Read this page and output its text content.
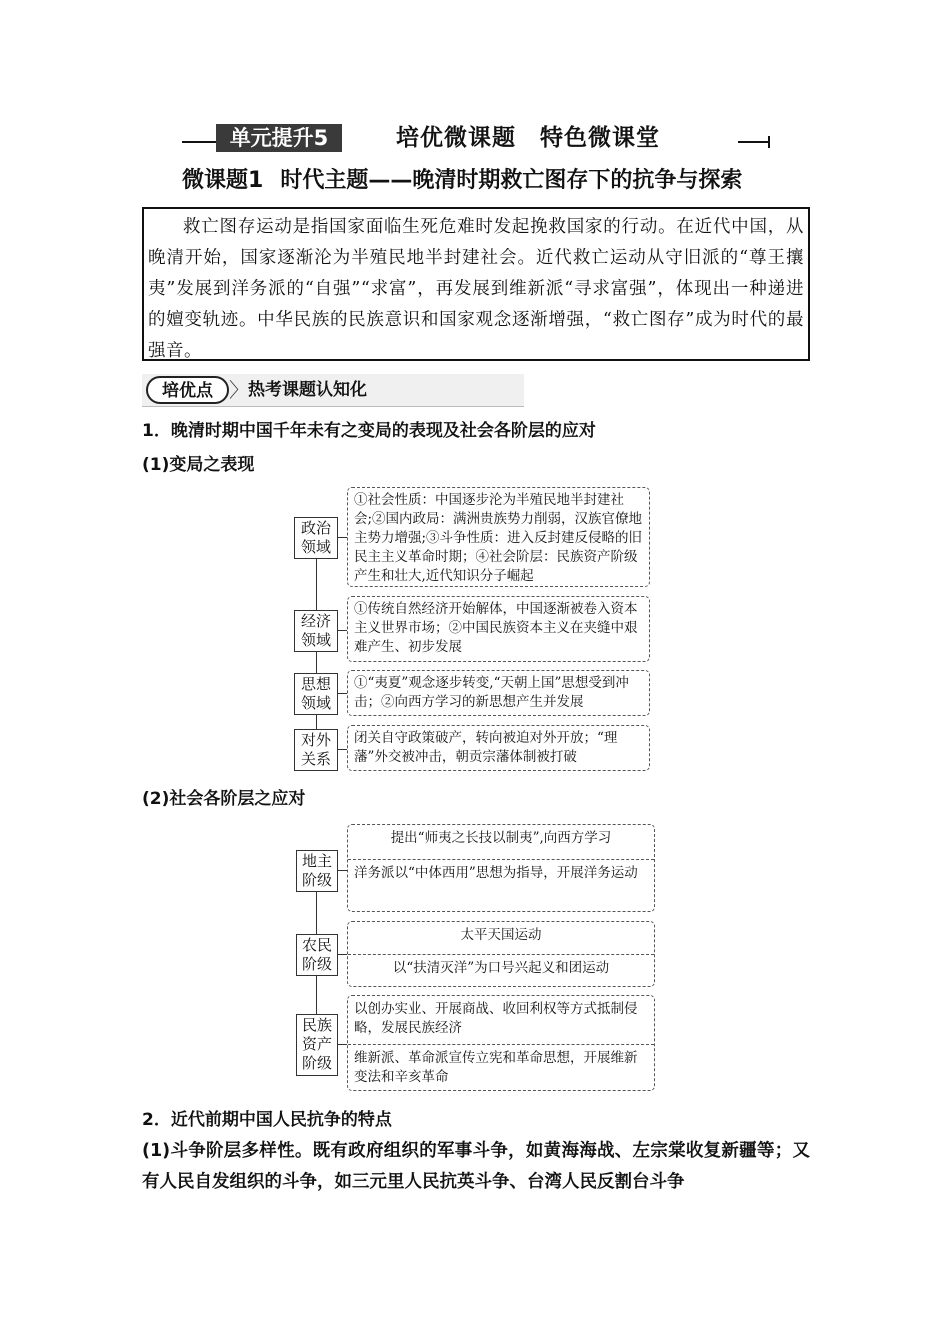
单元提升5	培优微课题 特色微课堂
微课题1 时代主题——晚清时期救亡图存下的抗争与探索

救亡图存运动是指国家面临生死危难时发起挽救国家的行动。在近代中国，从晚清开始，国家逐渐沦为半殖民地半封建社会。近代救亡运动从守旧派的“尊王攘夷”发展到洋务派的“自强”“求富”，再发展到维新派“寻求富强”，体现出一种递进的嬗变轨迹。中华民族的民族意识和国家观念逐渐增强，“救亡图存”成为时代的最强音。

培优点 〉 热考课题认知化
1．晚清时期中国千年未有之变局的表现及社会各阶层的应对
(1)变局之表现
政治领域
①社会性质：中国逐步沦为半殖民地半封建社会;②国内政局：满洲贵族势力削弱，汉族官僚地主势力增强;③斗争性质：进入反封建反侵略的旧民主主义革命时期；④社会阶层：民族资产阶级产生和壮大,近代知识分子崛起
经济领域
①传统自然经济开始解体，中国逐渐被卷入资本主义世界市场；②中国民族资本主义在夹缝中艰难产生、初步发展
思想领域
①“夷夏”观念逐步转变,“天朝上国”思想受到冲击；②向西方学习的新思想产生并发展
对外关系
闭关自守政策破产，转向被迫对外开放；“理藩”外交被冲击，朝贡宗藩体制被打破
(2)社会各阶层之应对
地主阶级
提出“师夷之长技以制夷”,向西方学习
洋务派以“中体西用”思想为指导，开展洋务运动
农民阶级
太平天国运动
以“扶清灭洋”为口号兴起义和团运动
民族资产阶级
以创办实业、开展商战、收回利权等方式抵制侵略，发展民族经济
维新派、革命派宣传立宪和革命思想，开展维新变法和辛亥革命
2．近代前期中国人民抗争的特点
(1)斗争阶层多样性。既有政府组织的军事斗争，如黄海海战、左宗棠收复新疆等；又有人民自发组织的斗争，如三元里人民抗英斗争、台湾人民反割台斗争
